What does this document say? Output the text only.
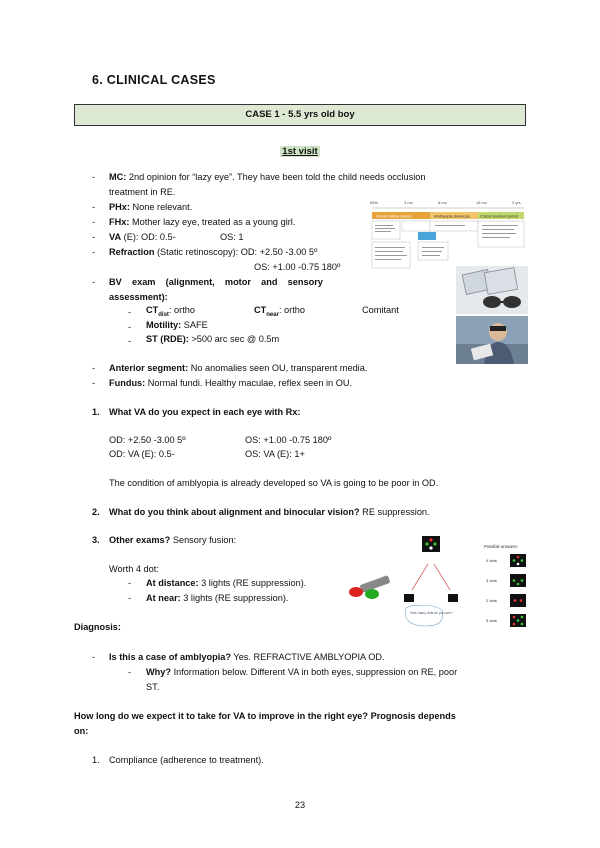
6. CLINICAL CASES
CASE 1 - 5.5 yrs old boy
1st visit
- MC: 2nd opinion for “lazy eye”. They have been told the child needs occlusion
treatment in RE.
- PHx: None relevant.
- FHx: Mother lazy eye, treated as a young girl.
- VA (E): OD: 0.5-	OS: 1
- Refraction (Static retinoscopy): OD: +2.50 -3.00 5º
OS: +1.00 -0.75 180º
- BV    exam    (alignment,    motor    and    sensory
assessment):
- $CT_{dist}$: ortho	$CT_{near}$: ortho	Comitant
- Motility: SAFE
- ST (RDE): >500 arc sec @ 0.5m
- Anterior segment: No anomalies seen OU, transparent media.
- Fundus: Normal fundi. Healthy maculae, reflex seen in OU.
Birth	3 mo	6 mo	18 mo	3 yrs
Visual critical period	Amblyopia develops	Critical treatment period
1. What VA do you expect in each eye with Rx:
OD: +2.50 -3.00 5º	OS: +1.00 -0.75 180º
OD: VA (E): 0.5-	OS: VA (E): 1+
The condition of amblyopia is already developed so VA is going to be poor in OD.
2. What do you think about alignment and binocular vision? RE suppression.
3. Other exams? Sensory fusion:
Worth 4 dot:
- At distance: 3 lights (RE suppression).
- At near: 3 lights (RE suppression).
How many dots do you see?
Possible answers:
4 dots
3 dots
2 dots
5 dots
Diagnosis:
- Is this a case of amblyopia? Yes. REFRACTIVE AMBLYOPIA OD.
- Why? Information below. Different VA in both eyes, suppression on RE, poor
ST.
How long do we expect it to take for VA to improve in the right eye? Prognosis depends
on:
1. Compliance (adherence to treatment).
23
